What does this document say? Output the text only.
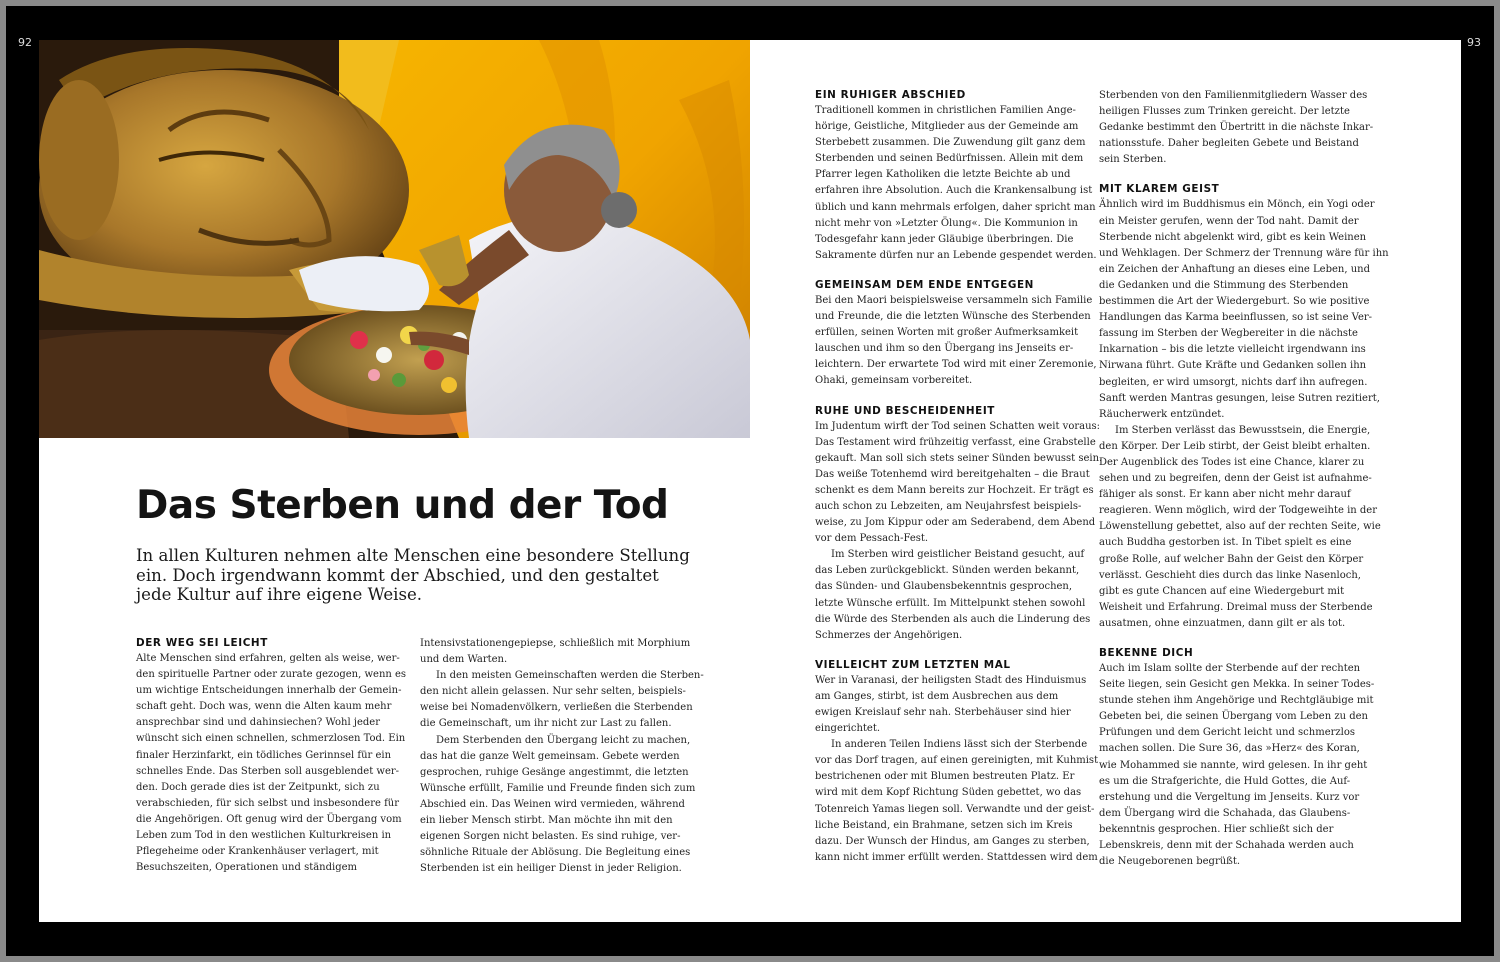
92	93
Das Sterben und der Tod

In allen Kulturen nehmen alte Menschen eine besondere Stellung ein. Doch irgendwann kommt der Abschied, und den gestaltet jede Kultur auf ihre eigene Weise.

DER WEG SEI LEICHT

Alte Menschen sind erfahren, gelten als weise, wer-

den spirituelle Partner oder zurate gezogen, wenn es

um wichtige Entscheidungen innerhalb der Gemein-

schaft geht. Doch was, wenn die Alten kaum mehr

ansprechbar sind und dahinsiechen? Wohl jeder

wünscht sich einen schnellen, schmerzlosen Tod. Ein

finaler Herzinfarkt, ein tödliches Gerinnsel für ein

schnelles Ende. Das Sterben soll ausgeblendet wer-

den. Doch gerade dies ist der Zeitpunkt, sich zu

verabschieden, für sich selbst und insbesondere für

die Angehörigen. Oft genug wird der Übergang vom

Leben zum Tod in den westlichen Kulturkreisen in

Pflegeheime oder Krankenhäuser verlagert, mit

Besuchszeiten, Operationen und ständigem

Intensivstationengepiepse, schließlich mit Morphium

und dem Warten.

In den meisten Gemeinschaften werden die Sterben-

den nicht allein gelassen. Nur sehr selten, beispiels-

weise bei Nomadenvölkern, verließen die Sterbenden

die Gemeinschaft, um ihr nicht zur Last zu fallen.

Dem Sterbenden den Übergang leicht zu machen,

das hat die ganze Welt gemeinsam. Gebete werden

gesprochen, ruhige Gesänge angestimmt, die letzten

Wünsche erfüllt, Familie und Freunde finden sich zum

Abschied ein. Das Weinen wird vermieden, während

ein lieber Mensch stirbt. Man möchte ihn mit den

eigenen Sorgen nicht belasten. Es sind ruhige, ver-

söhnliche Rituale der Ablösung. Die Begleitung eines

Sterbenden ist ein heiliger Dienst in jeder Religion.

EIN RUHIGER ABSCHIED

Traditionell kommen in christlichen Familien Ange-

hörige, Geistliche, Mitglieder aus der Gemeinde am

Sterbebett zusammen. Die Zuwendung gilt ganz dem

Sterbenden und seinen Bedürfnissen. Allein mit dem

Pfarrer legen Katholiken die letzte Beichte ab und

erfahren ihre Absolution. Auch die Krankensalbung ist

üblich und kann mehrmals erfolgen, daher spricht man

nicht mehr von »Letzter Ölung«. Die Kommunion in

Todesgefahr kann jeder Gläubige überbringen. Die

Sakramente dürfen nur an Lebende gespendet werden.

GEMEINSAM DEM ENDE ENTGEGEN

Bei den Maori beispielsweise versammeln sich Familie

und Freunde, die die letzten Wünsche des Sterbenden

erfüllen, seinen Worten mit großer Aufmerksamkeit

lauschen und ihm so den Übergang ins Jenseits er-

leichtern. Der erwartete Tod wird mit einer Zeremonie,

Ohaki, gemeinsam vorbereitet.

RUHE UND BESCHEIDENHEIT

Im Judentum wirft der Tod seinen Schatten weit voraus:

Das Testament wird frühzeitig verfasst, eine Grabstelle

gekauft. Man soll sich stets seiner Sünden bewusst sein.

Das weiße Totenhemd wird bereitgehalten – die Braut

schenkt es dem Mann bereits zur Hochzeit. Er trägt es

auch schon zu Lebzeiten, am Neujahrsfest beispiels-

weise, zu Jom Kippur oder am Sederabend, dem Abend

vor dem Pessach-Fest.

Im Sterben wird geistlicher Beistand gesucht, auf

das Leben zurückgeblickt. Sünden werden bekannt,

das Sünden- und Glaubensbekenntnis gesprochen,

letzte Wünsche erfüllt. Im Mittelpunkt stehen sowohl

die Würde des Sterbenden als auch die Linderung des

Schmerzes der Angehörigen.

VIELLEICHT ZUM LETZTEN MAL

Wer in Varanasi, der heiligsten Stadt des Hinduismus

am Ganges, stirbt, ist dem Ausbrechen aus dem

ewigen Kreislauf sehr nah. Sterbehäuser sind hier

eingerichtet.

In anderen Teilen Indiens lässt sich der Sterbende

vor das Dorf tragen, auf einen gereinigten, mit Kuhmist

bestrichenen oder mit Blumen bestreuten Platz. Er

wird mit dem Kopf Richtung Süden gebettet, wo das

Totenreich Yamas liegen soll. Verwandte und der geist-

liche Beistand, ein Brahmane, setzen sich im Kreis

dazu. Der Wunsch der Hindus, am Ganges zu sterben,

kann nicht immer erfüllt werden. Stattdessen wird dem

Sterbenden von den Familienmitgliedern Wasser des

heiligen Flusses zum Trinken gereicht. Der letzte

Gedanke bestimmt den Übertritt in die nächste Inkar-

nationsstufe. Daher begleiten Gebete und Beistand

sein Sterben.

MIT KLAREM GEIST

Ähnlich wird im Buddhismus ein Mönch, ein Yogi oder

ein Meister gerufen, wenn der Tod naht. Damit der

Sterbende nicht abgelenkt wird, gibt es kein Weinen

und Wehklagen. Der Schmerz der Trennung wäre für ihn

ein Zeichen der Anhaftung an dieses eine Leben, und

die Gedanken und die Stimmung des Sterbenden

bestimmen die Art der Wiedergeburt. So wie positive

Handlungen das Karma beeinflussen, so ist seine Ver-

fassung im Sterben der Wegbereiter in die nächste

Inkarnation – bis die letzte vielleicht irgendwann ins

Nirwana führt. Gute Kräfte und Gedanken sollen ihn

begleiten, er wird umsorgt, nichts darf ihn aufregen.

Sanft werden Mantras gesungen, leise Sutren rezitiert,

Räucherwerk entzündet.

Im Sterben verlässt das Bewusstsein, die Energie,

den Körper. Der Leib stirbt, der Geist bleibt erhalten.

Der Augenblick des Todes ist eine Chance, klarer zu

sehen und zu begreifen, denn der Geist ist aufnahme-

fähiger als sonst. Er kann aber nicht mehr darauf

reagieren. Wenn möglich, wird der Todgeweihte in der

Löwenstellung gebettet, also auf der rechten Seite, wie

auch Buddha gestorben ist. In Tibet spielt es eine

große Rolle, auf welcher Bahn der Geist den Körper

verlässt. Geschieht dies durch das linke Nasenloch,

gibt es gute Chancen auf eine Wiedergeburt mit

Weisheit und Erfahrung. Dreimal muss der Sterbende

ausatmen, ohne einzuatmen, dann gilt er als tot.

BEKENNE DICH

Auch im Islam sollte der Sterbende auf der rechten

Seite liegen, sein Gesicht gen Mekka. In seiner Todes-

stunde stehen ihm Angehörige und Rechtgläubige mit

Gebeten bei, die seinen Übergang vom Leben zu den

Prüfungen und dem Gericht leicht und schmerzlos

machen sollen. Die Sure 36, das »Herz« des Koran,

wie Mohammed sie nannte, wird gelesen. In ihr geht

es um die Strafgerichte, die Huld Gottes, die Auf-

erstehung und die Vergeltung im Jenseits. Kurz vor

dem Übergang wird die Schahada, das Glaubens-

bekenntnis gesprochen. Hier schließt sich der

Lebenskreis, denn mit der Schahada werden auch

die Neugeborenen begrüßt.
